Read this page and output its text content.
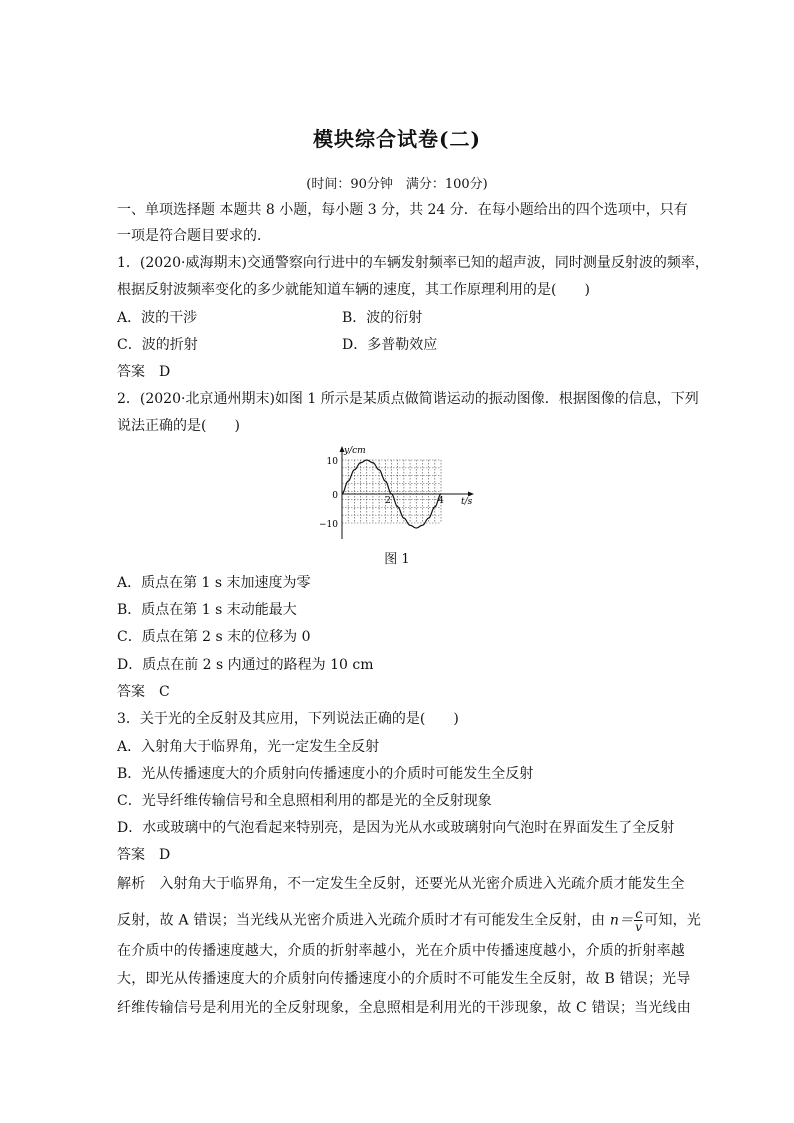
模块综合试卷(二)
(时间：90分钟　满分：100分)
一、单项选择题 本题共 8 小题，每小题 3 分，共 24 分．在每小题给出的四个选项中，只有
一项是符合题目要求的．
1．(2020·威海期末)交通警察向行进中的车辆发射频率已知的超声波，同时测量反射波的频率，
根据反射波频率变化的多少就能知道车辆的速度，其工作原理利用的是(　　)
A．波的干涉	B．波的衍射
C．波的折射	D．多普勒效应
答案　D
2．(2020·北京通州期末)如图 1 所示是某质点做简谐运动的振动图像．根据图像的信息，下列
说法正确的是(　　)
10
0
−10
2	4
y/cm
t/s
图 1
A．质点在第 1 s 末加速度为零
B．质点在第 1 s 末动能最大
C．质点在第 2 s 末的位移为 0
D．质点在前 2 s 内通过的路程为 10 cm
答案　C
3．关于光的全反射及其应用，下列说法正确的是(　　)
A．入射角大于临界角，光一定发生全反射
B．光从传播速度大的介质射向传播速度小的介质时可能发生全反射
C．光导纤维传输信号和全息照相利用的都是光的全反射现象
D．水或玻璃中的气泡看起来特别亮，是因为光从水或玻璃射向气泡时在界面发生了全反射
答案　D
解析 入射角大于临界角，不一定发生全反射，还要光从光密介质进入光疏介质才能发生全
反射，故 A 错误；当光线从光密介质进入光疏介质时才有可能发生全反射，由 $n= \frac{c}{v}$ 可知，光
在介质中的传播速度越大，介质的折射率越小，光在介质中传播速度越小，介质的折射率越
大，即光从传播速度大的介质射向传播速度小的介质时不可能发生全反射，故 B 错误；光导
纤维传输信号是利用光的全反射现象，全息照相是利用光的干涉现象，故 C 错误；当光线由
